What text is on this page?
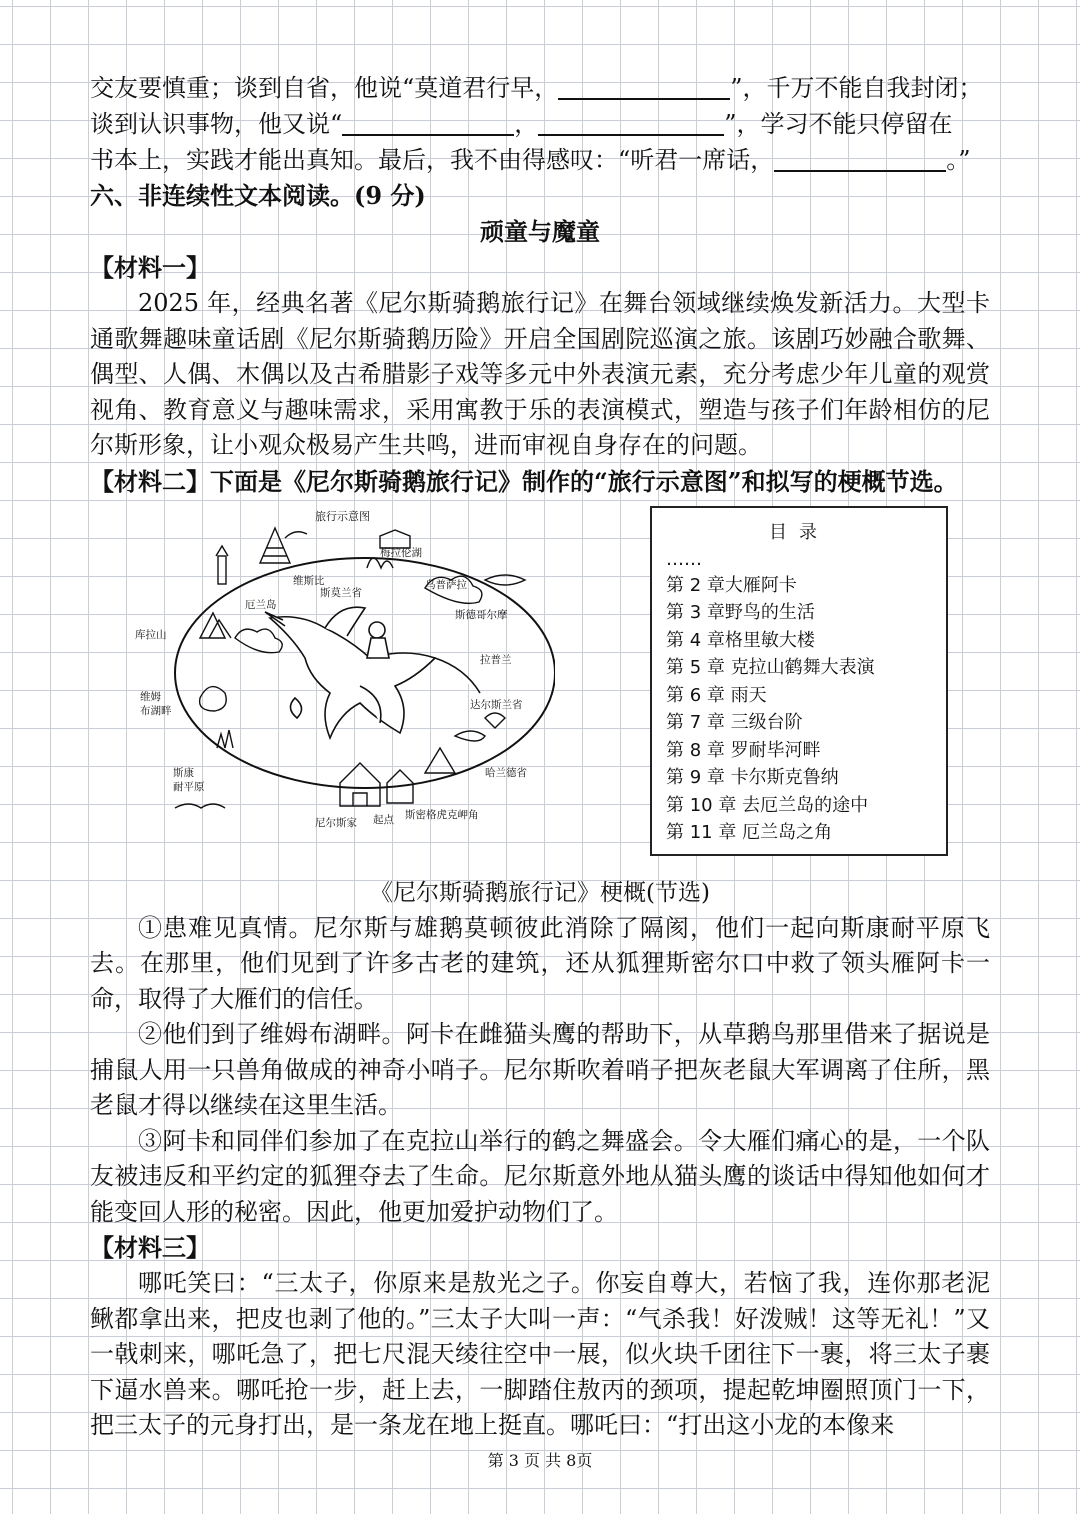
交友要慎重；谈到自省，他说“莫道君行早，	”，千万不能自我封闭；
谈到认识事物，他又说“	，	”，学习不能只停留在
书本上，实践才能出真知。最后，我不由得感叹：“听君一席话，	。”
六、非连续性文本阅读。(9 分)
顽童与魔童
【材料一】

2025 年，经典名著《尼尔斯骑鹅旅行记》在舞台领域继续焕发新活力。大型卡通歌舞趣味童话剧《尼尔斯骑鹅历险》开启全国剧院巡演之旅。该剧巧妙融合歌舞、偶型、人偶、木偶以及古希腊影子戏等多元中外表演元素，充分考虑少年儿童的观赏视角、教育意义与趣味需求，采用寓教于乐的表演模式，塑造与孩子们年龄相仿的尼尔斯形象，让小观众极易产生共鸣，进而审视自身存在的问题。

【材料二】下面是《尼尔斯骑鹅旅行记》制作的“旅行示意图”和拟写的梗概节选。
旅行示意图
梅拉伦湖
维斯比
斯莫兰省
乌普萨拉
厄兰岛
斯德哥尔摩
库拉山
拉普兰
维姆
布湖畔	达尔斯兰省
斯康
耐平原
哈兰德省
尼尔斯家 起点 斯密格虎克岬角
目录
……
第 2 章大雁阿卡
第 3 章野鸟的生活
第 4 章格里敏大楼
第 5 章 克拉山鹤舞大表演
第 6 章 雨天
第 7 章 三级台阶
第 8 章 罗耐毕河畔
第 9 章 卡尔斯克鲁纳
第 10 章 去厄兰岛的途中
第 11 章 厄兰岛之角
《尼尔斯骑鹅旅行记》梗概(节选)

①患难见真情。尼尔斯与雄鹅莫顿彼此消除了隔阂，他们一起向斯康耐平原飞去。在那里，他们见到了许多古老的建筑，还从狐狸斯密尔口中救了领头雁阿卡一命，取得了大雁们的信任。

②他们到了维姆布湖畔。阿卡在雌猫头鹰的帮助下，从草鹅鸟那里借来了据说是捕鼠人用一只兽角做成的神奇小哨子。尼尔斯吹着哨子把灰老鼠大军调离了住所，黑老鼠才得以继续在这里生活。

③阿卡和同伴们参加了在克拉山举行的鹤之舞盛会。令大雁们痛心的是，一个队友被违反和平约定的狐狸夺去了生命。尼尔斯意外地从猫头鹰的谈话中得知他如何才能变回人形的秘密。因此，他更加爱护动物们了。

【材料三】

哪吒笑曰：“三太子，你原来是敖光之子。你妄自尊大，若恼了我，连你那老泥鳅都拿出来，把皮也剥了他的。”三太子大叫一声：“气杀我！好泼贼！这等无礼！”又一戟刺来，哪吒急了，把七尺混天绫往空中一展，似火块千团往下一裹，将三太子裹下逼水兽来。哪吒抢一步，赶上去，一脚踏住敖丙的颈项，提起乾坤圈照顶门一下，把三太子的元身打出，是一条龙在地上挺直。哪吒曰：“打出这小龙的本像来

第 3 页 共 8页
